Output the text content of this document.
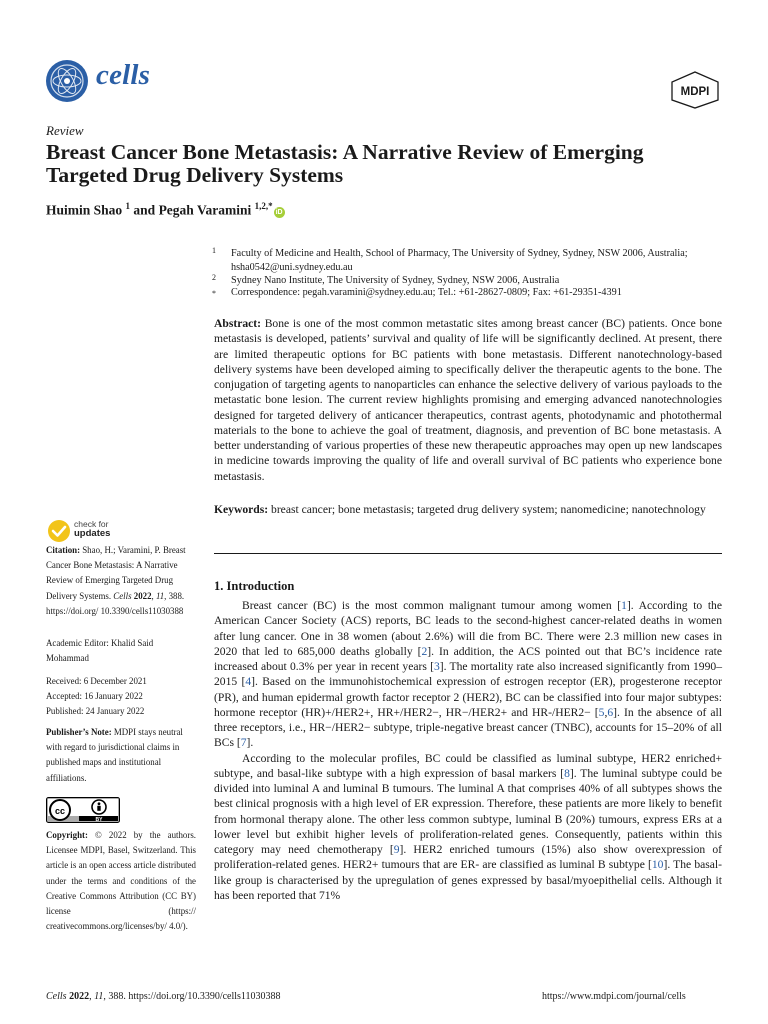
cells
MDPI
Review
Breast Cancer Bone Metastasis: A Narrative Review of Emerging Targeted Drug Delivery Systems
Huimin Shao $^1$ and Pegah Varamini $^{1,2,*}$iD
1 Faculty of Medicine and Health, School of Pharmacy, The University of Sydney, Sydney, NSW 2006, Australia;
hsha0542@uni.sydney.edu.au
2 Sydney Nano Institute, The University of Sydney, Sydney, NSW 2006, Australia
* Correspondence: pegah.varamini@sydney.edu.au; Tel.: +61-28627-0809; Fax: +61-29351-4391
Abstract: Bone is one of the most common metastatic sites among breast cancer (BC) patients. Once bone metastasis is developed, patients’ survival and quality of life will be significantly declined. At present, there are limited therapeutic options for BC patients with bone metastasis. Different nanotechnology-based delivery systems have been developed aiming to specifically deliver the therapeutic agents to the bone. The conjugation of targeting agents to nanoparticles can enhance the selective delivery of various payloads to the metastatic bone lesion. The current review highlights promising and emerging advanced nanotechnologies designed for targeted delivery of anticancer therapeutics, contrast agents, photodynamic and photothermal materials to the bone to achieve the goal of treatment, diagnosis, and prevention of BC bone metastasis. A better understanding of various properties of these new therapeutic approaches may open up new landscapes in medicine towards improving the quality of life and overall survival of BC patients who experience bone metastasis.
Keywords: breast cancer; bone metastasis; targeted drug delivery system; nanomedicine; nanotechnology
1. Introduction
Breast cancer (BC) is the most common malignant tumour among women [1]. According to the American Cancer Society (ACS) reports, BC leads to the second-highest cancer-related deaths in women after lung cancer. One in 38 women (about 2.6%) will die from BC. There were 2.3 million new cases in 2020 that led to 685,000 deaths globally [2]. In addition, the ACS pointed out that BC’s incidence rate increased about 0.3% per year in recent years [3]. The mortality rate also increased significantly from 1990–2015 [4]. Based on the immunohistochemical expression of estrogen receptor (ER), progesterone receptor (PR), and human epidermal growth factor receptor 2 (HER2), BC can be classified into four major subtypes: hormone receptor (HR)+/HER2+, HR+/HER2−, HR−/HER2+ and HR-/HER2− [5,6]. In the absence of all three receptors, i.e., HR−/HER2− subtype, triple-negative breast cancer (TNBC), accounts for 15–20% of all BCs [7].
According to the molecular profiles, BC could be classified as luminal subtype, HER2 enriched+ subtype, and basal-like subtype with a high expression of basal markers [8]. The luminal subtype could be divided into luminal A and luminal B tumours. The luminal A that comprises 40% of all subtypes shows the best clinical prognosis with a high level of ER expression. Therefore, these patients are more likely to benefit from hormonal therapy alone. The other less common subtype, luminal B (20%) tumours, express ERs at a lower level but exhibit higher levels of proliferation-related genes. Consequently, patients within this category may need chemotherapy [9]. HER2 enriched tumours (15%) also show overexpression of proliferation-related genes. HER2+ tumours that are ER- are classified as luminal B subtype [10]. The basal-like group is characterised by the upregulation of genes expressed by basal/myoepithelial cells. Although it has been reported that 71%
check for
updates
Citation: Shao, H.; Varamini, P. Breast Cancer Bone Metastasis: A Narrative Review of Emerging Targeted Drug Delivery Systems. Cells 2022, 11, 388. https://doi.org/ 10.3390/cells11030388
Academic Editor: Khalid Said Mohammad
Received: 6 December 2021
Accepted: 16 January 2022
Published: 24 January 2022
Publisher’s Note: MDPI stays neutral with regard to jurisdictional claims in published maps and institutional affiliations.
cc
BY
Copyright: © 2022 by the authors. Licensee MDPI, Basel, Switzerland. This article is an open access article distributed under the terms and conditions of the Creative Commons Attribution (CC BY) license (https:// creativecommons.org/licenses/by/ 4.0/).
Cells 2022, 11, 388. https://doi.org/10.3390/cells11030388	https://www.mdpi.com/journal/cells
